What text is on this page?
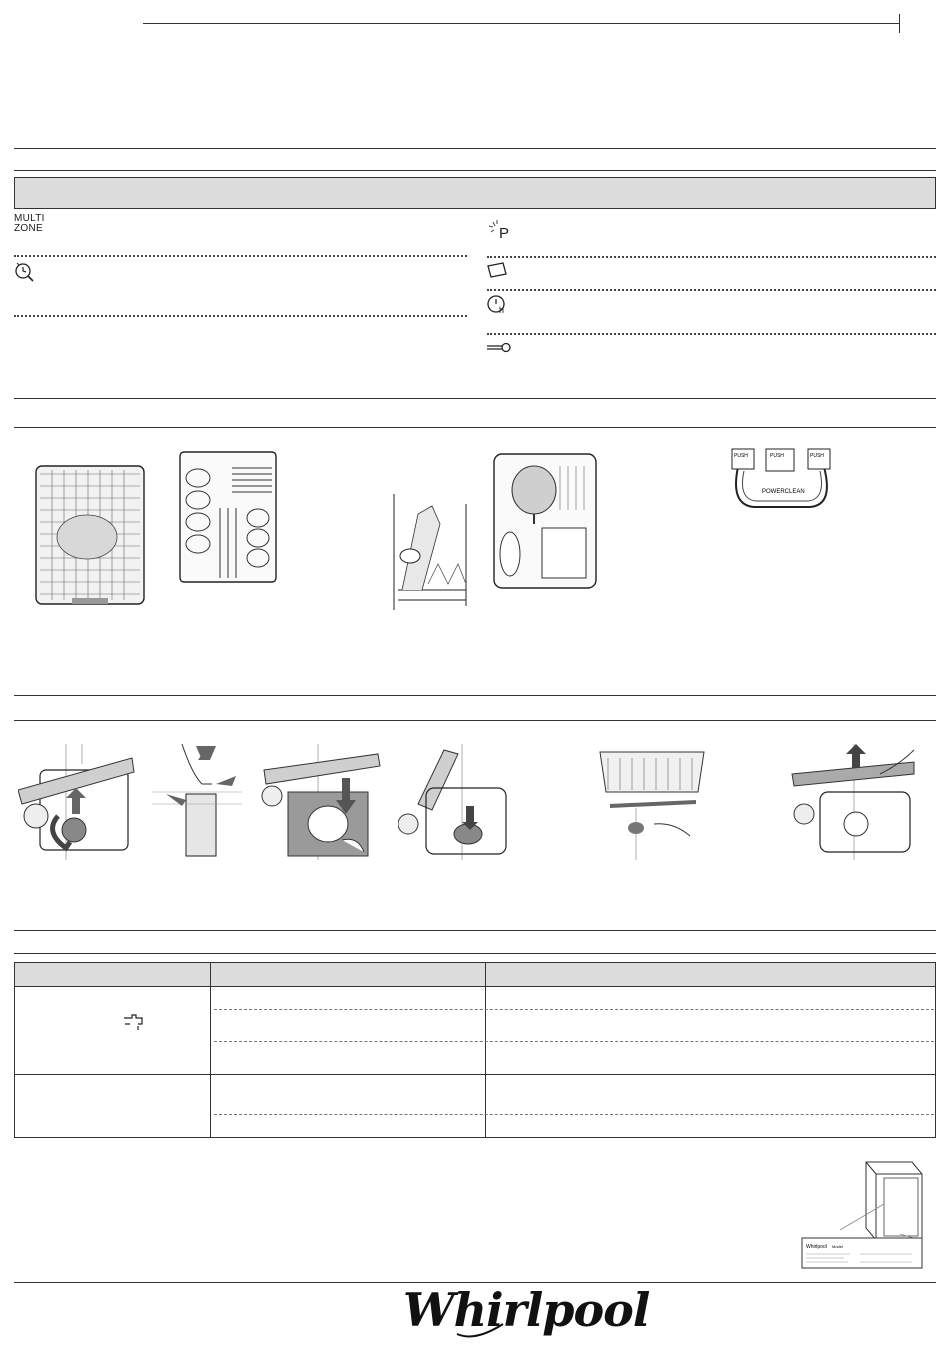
MULTI
ZONE	P
h
PUSH	PUSH	PUSH
POWERCLEAN
Whirlpool Model
Whirlpool
